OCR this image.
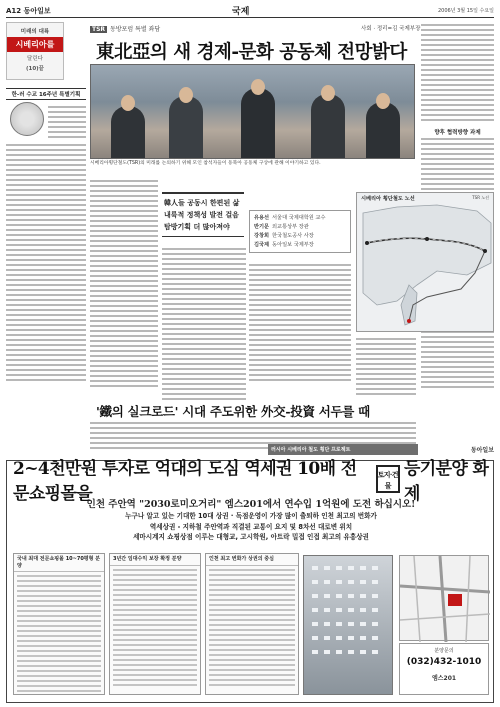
A12 동아일보	국제	2006년 3월 15일 수요일
미래의 대륙
시베리아를
달린다
(10)끝
한-러 수교 16주년 특별기획
TSR 동방포럼 특별 좌담	사회 · 정리=김 국제부장
東北亞의 새 경제-문화 공동체 전망밝다
시베리아횡단철도(TSR)의 미래를 논의하기 위해 모인 참석자들이 동북아 공동체 구상에 관해 이야기하고 있다.
향후 협력방향 과제
韓人들 공동시 한편된 삶
내륙적 정책성 발전 걸음
탐방기획 더 많아져야
유용선 서울대 국제대학원 교수
반기문 외교통상부 장관
강창희 한국철도공사 사장
김국제 동아일보 국제부장
시베리아 횡단철도 노선	TSR 노선
'鐵의 실크로드' 시대 주도위한 外交-投資 서두를 때
러시아 시베리아 철도 횡단 프로젝트	동아일보
2~4천만원 투자로 억대의 도심 역세권 10배 전문쇼핑몰을
토지·건물
등기분양 화제
인천 주안역 "2030로미오거리" 엠스201에서 연수입 1억원에 도전 하십시오!
누구나 알고 있는 기대한 10대 상권 · 독점운영이 가장 많이 출퇴하 인천 최고의 번화가
역세상권 - 지하철 주안역과 직결된 교통이 요지 및 8차선 대로변 위치
세마시계지 쇼핑상점 이루는 대형교, 고시학원, 아트락 밀접 인접 최고의 유흥상권
국내 최대 전문쇼핑몰 10~70평형 분양
3년간 임대수익 보장 확정 분양	인천 최고 번화가 상권의 중심
분양문의
(032)432-1010
엠스201
